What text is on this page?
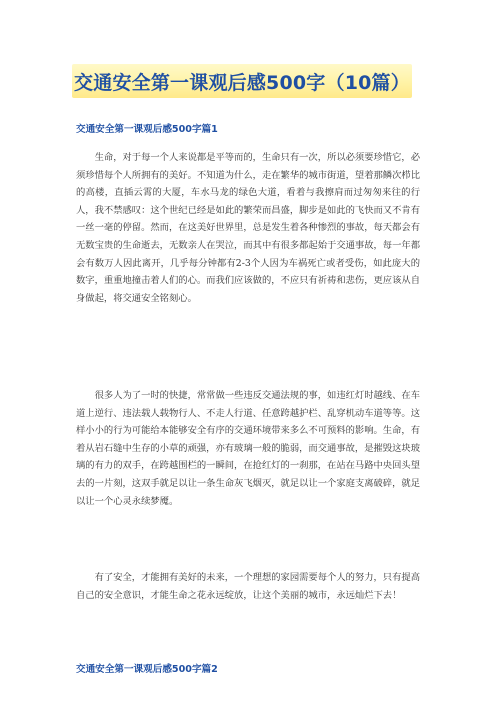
交通安全第一课观后感500字（10篇）
交通安全第一课观后感500字篇1

生命，对于每一个人来说都是平等而的，生命只有一次，所以必须要珍惜它，必须珍惜每个人所拥有的美好。不知道为什么，走在繁华的城市街道，望着那鳞次栉比的高楼，直插云霄的大厦，车水马龙的绿色大道，看着与我擦肩而过匆匆来往的行人，我不禁感叹：这个世纪已经是如此的繁荣而昌盛，脚步是如此的飞快而又不肯有一丝一毫的停留。然而，在这美好世界里，总是发生着各种惨烈的事故，每天都会有无数宝贵的生命逝去，无数亲人在哭泣，而其中有很多都起始于交通事故，每一年都会有数万人因此离开，几乎每分钟都有2-3个人因为车祸死亡或者受伤，如此庞大的数字，重重地撞击着人们的心。而我们应该做的，不应只有祈祷和悲伤，更应该从自身做起，将交通安全铭刻心。

很多人为了一时的快捷，常常做一些违反交通法规的事，如违红灯时越线、在车道上逆行、违法载人载物行人、不走人行道、任意跨越护栏、乱穿机动车道等等。这样小小的行为可能给本能够安全有序的交通环境带来多么不可预料的影响。生命，有着从岩石缝中生存的小草的顽强，亦有玻璃一般的脆弱，而交通事故，是摧毁这块玻璃的有力的双手，在跨越围栏的一瞬间，在抢红灯的一刹那，在站在马路中央回头望去的一片刻，这双手就足以让一条生命灰飞烟灭，就足以让一个家庭支离破碎，就足以让一个心灵永续梦魇。

有了安全，才能拥有美好的未来，一个理想的家园需要每个人的努力，只有提高自己的安全意识，才能生命之花永远绽放，让这个美丽的城市，永远灿烂下去！

交通安全第一课观后感500字篇2
